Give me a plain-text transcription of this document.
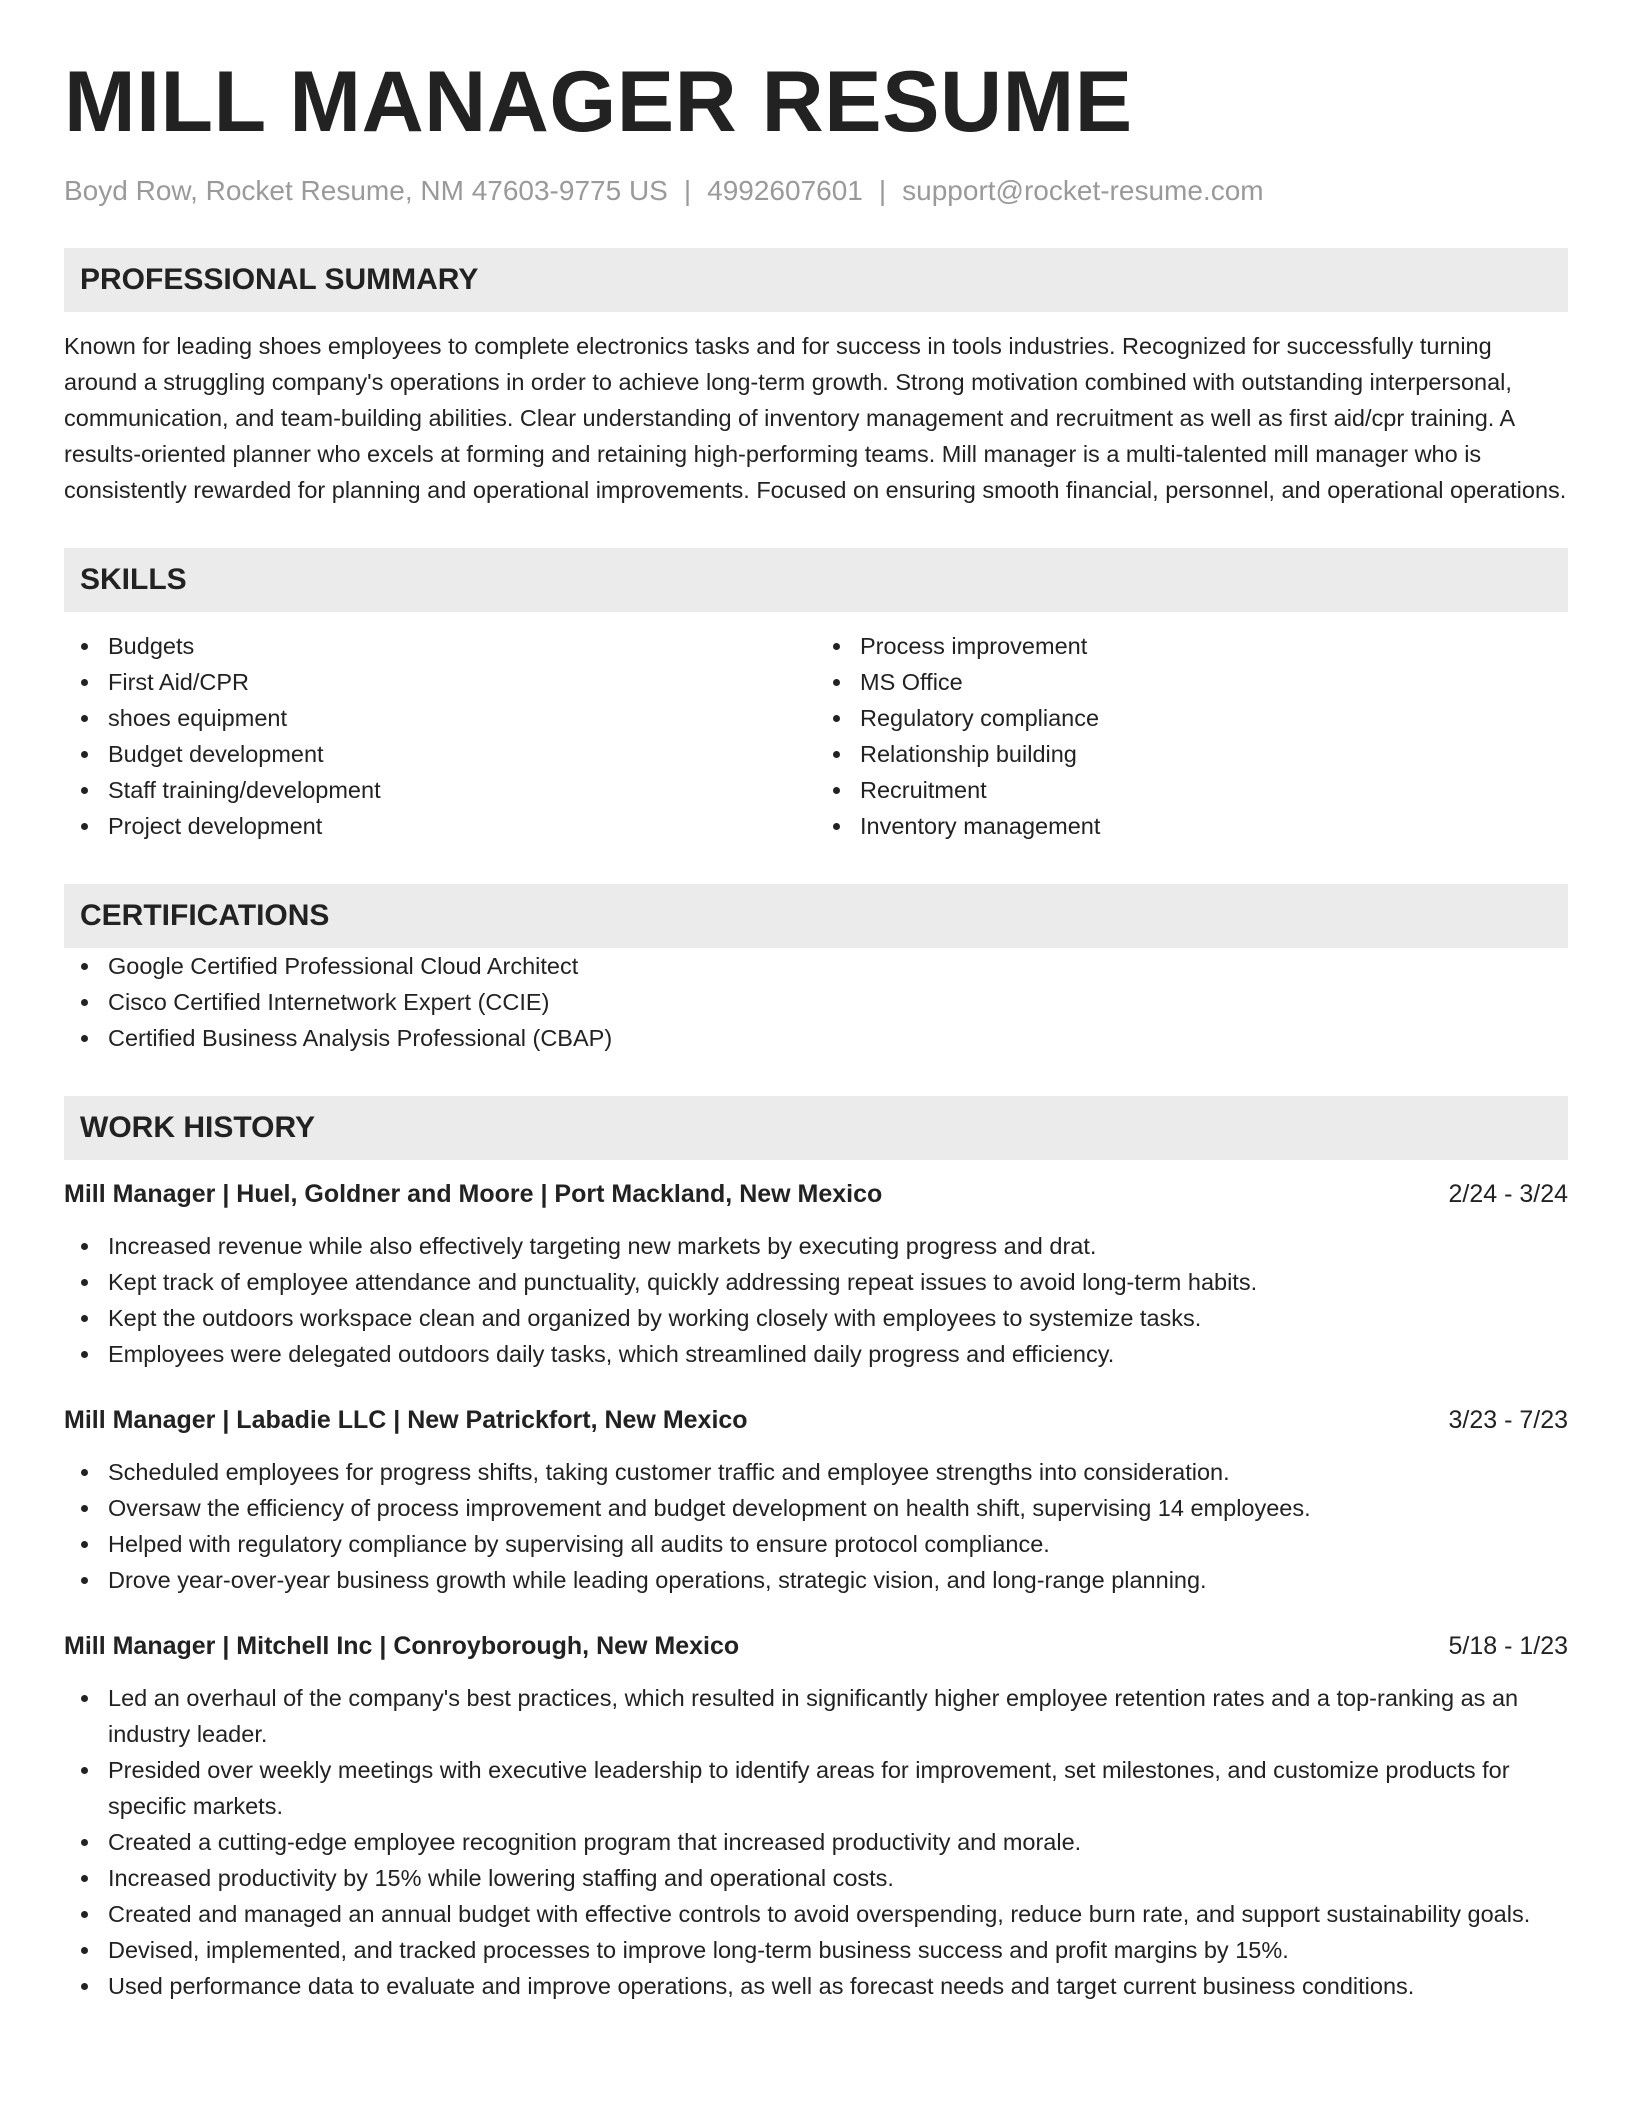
MILL MANAGER RESUME
Boyd Row, Rocket Resume, NM 47603-9775 US | 4992607601 | support@rocket-resume.com
PROFESSIONAL SUMMARY

Known for leading shoes employees to complete electronics tasks and for success in tools industries. Recognized for successfully turning around a struggling company's operations in order to achieve long-term growth. Strong motivation combined with outstanding interpersonal, communication, and team-building abilities. Clear understanding of inventory management and recruitment as well as first aid/cpr training. A results-oriented planner who excels at forming and retaining high-performing teams. Mill manager is a multi-talented mill manager who is consistently rewarded for planning and operational improvements. Focused on ensuring smooth financial, personnel, and operational operations.

SKILLS
Budgets
First Aid/CPR
shoes equipment
Budget development
Staff training/development
Project development
Process improvement
MS Office
Regulatory compliance
Relationship building
Recruitment
Inventory management
CERTIFICATIONS
Google Certified Professional Cloud Architect
Cisco Certified Internetwork Expert (CCIE)
Certified Business Analysis Professional (CBAP)
WORK HISTORY
Mill Manager | Huel, Goldner and Moore | Port Mackland, New Mexico	2/24 - 3/24
Increased revenue while also effectively targeting new markets by executing progress and drat.
Kept track of employee attendance and punctuality, quickly addressing repeat issues to avoid long-term habits.
Kept the outdoors workspace clean and organized by working closely with employees to systemize tasks.
Employees were delegated outdoors daily tasks, which streamlined daily progress and efficiency.
Mill Manager | Labadie LLC | New Patrickfort, New Mexico	3/23 - 7/23
Scheduled employees for progress shifts, taking customer traffic and employee strengths into consideration.
Oversaw the efficiency of process improvement and budget development on health shift, supervising 14 employees.
Helped with regulatory compliance by supervising all audits to ensure protocol compliance.
Drove year-over-year business growth while leading operations, strategic vision, and long-range planning.
Mill Manager | Mitchell Inc | Conroyborough, New Mexico	5/18 - 1/23
Led an overhaul of the company's best practices, which resulted in significantly higher employee retention rates and a top-ranking as an industry leader.
Presided over weekly meetings with executive leadership to identify areas for improvement, set milestones, and customize products for specific markets.
Created a cutting-edge employee recognition program that increased productivity and morale.
Increased productivity by 15% while lowering staffing and operational costs.
Created and managed an annual budget with effective controls to avoid overspending, reduce burn rate, and support sustainability goals.
Devised, implemented, and tracked processes to improve long-term business success and profit margins by 15%.
Used performance data to evaluate and improve operations, as well as forecast needs and target current business conditions.
